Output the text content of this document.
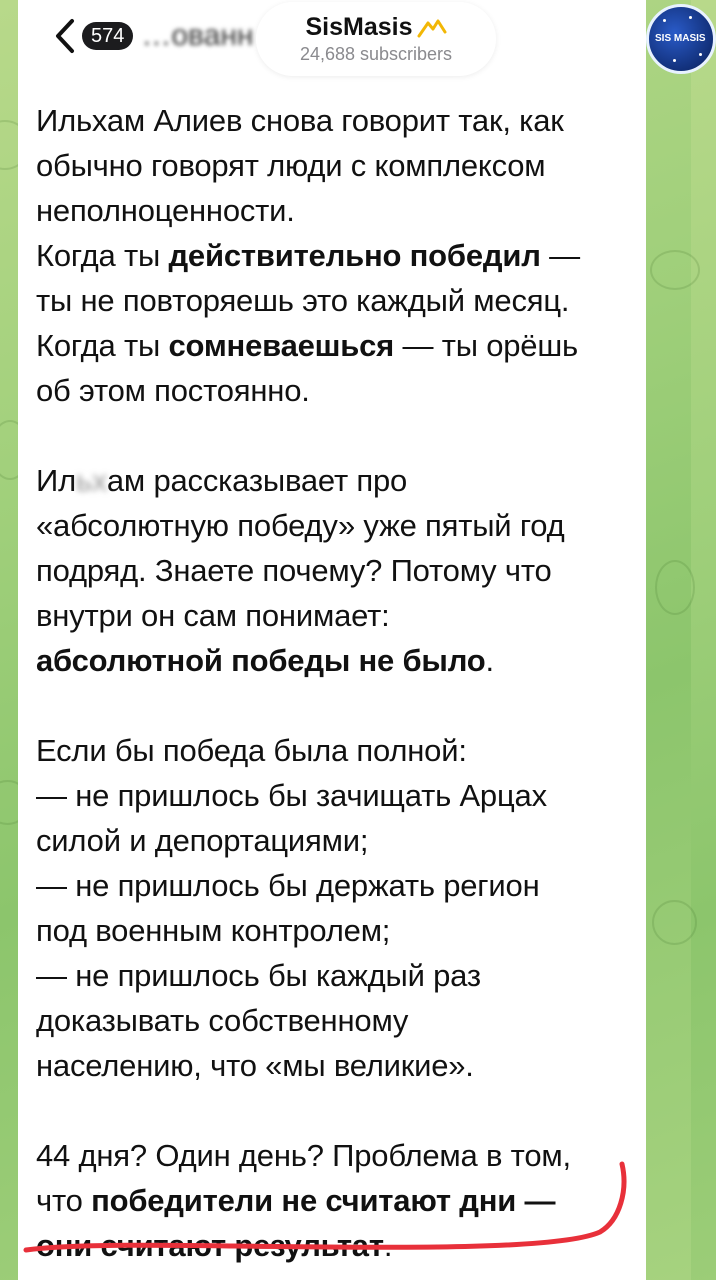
Ильхам Алиев снова говорит так, как

обычно говорят люди с комплексом

неполноценности.

Когда ты действительно победил —

ты не повторяешь это каждый месяц.

Когда ты сомневаешься — ты орёшь

об этом постоянно.

Ильхам рассказывает про

«абсолютную победу» уже пятый год

подряд. Знаете почему? Потому что

внутри он сам понимает:

абсолютной победы не было.

Если бы победа была полной:

— не пришлось бы зачищать Арцах

силой и депортациями;

— не пришлось бы держать регион

под военным контролем;

— не пришлось бы каждый раз

доказывать собственному

населению, что «мы великие».

44 дня? Один день? Проблема в том,

что победители не считают дни —

они считают результат.

574 …ованн SisMasis
24,688 subscribers
SIS MASIS
